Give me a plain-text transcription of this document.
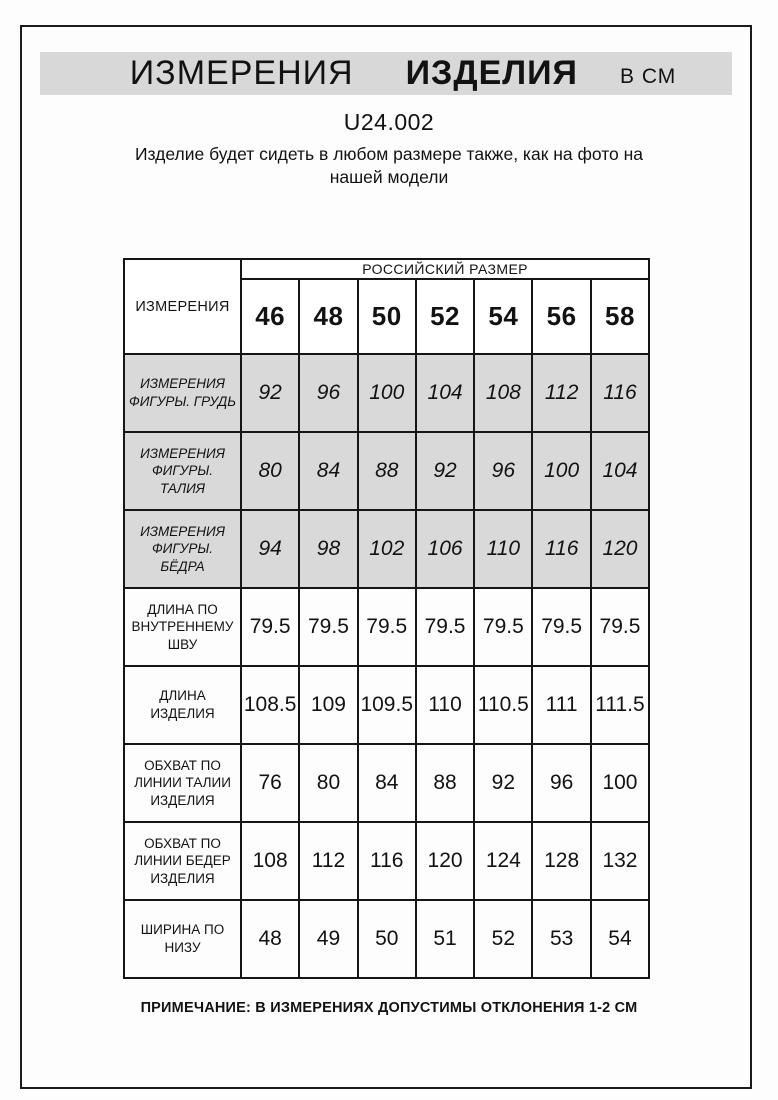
ИЗМЕРЕНИЯ ИЗДЕЛИЯ В СМ
U24.002
Изделие будет сидеть в любом размере также, как на фото на нашей модели
ИЗМЕРЕНИЯ	РОССИЙСКИЙ РАЗМЕР						
	46	48	50	52	54	56	58
ИЗМЕРЕНИЯ ФИГУРЫ. ГРУДЬ	92	96	100	104	108	112	116
ИЗМЕРЕНИЯ ФИГУРЫ. ТАЛИЯ	80	84	88	92	96	100	104
ИЗМЕРЕНИЯ ФИГУРЫ. БЁДРА	94	98	102	106	110	116	120
ДЛИНА ПО ВНУТРЕННЕМУ ШВУ	79.5	79.5	79.5	79.5	79.5	79.5	79.5
ДЛИНА ИЗДЕЛИЯ	108.5	109	109.5	110	110.5	111	111.5
ОБХВАТ ПО ЛИНИИ ТАЛИИ ИЗДЕЛИЯ	76	80	84	88	92	96	100
ОБХВАТ ПО ЛИНИИ БЕДЕР ИЗДЕЛИЯ	108	112	116	120	124	128	132
ШИРИНА ПО НИЗУ	48	49	50	51	52	53	54
ПРИМЕЧАНИЕ: В ИЗМЕРЕНИЯХ ДОПУСТИМЫ ОТКЛОНЕНИЯ 1-2 СМ
